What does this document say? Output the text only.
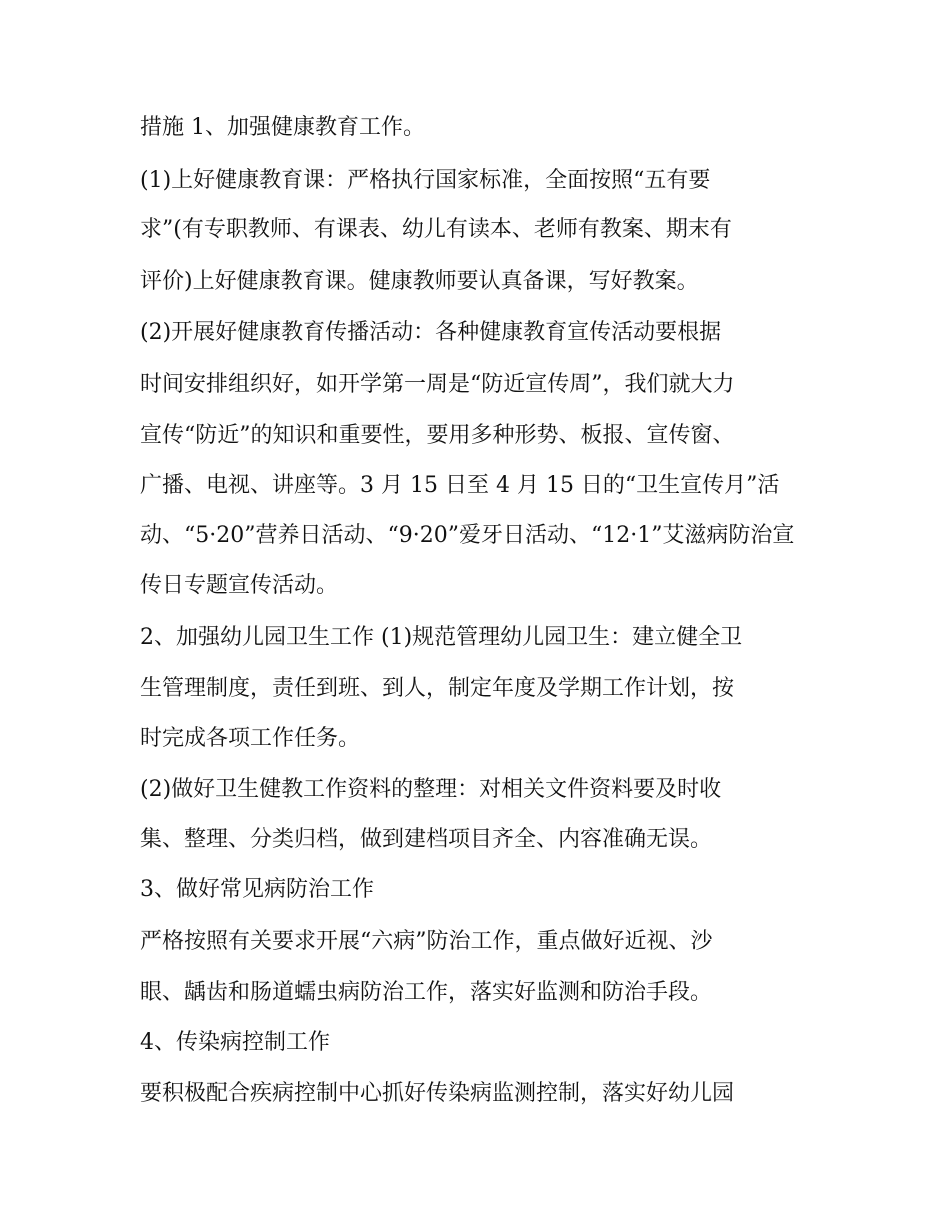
措施 1、加强健康教育工作。
(1)上好健康教育课：严格执行国家标准，全面按照“五有要
求”(有专职教师、有课表、幼儿有读本、老师有教案、期末有
评价)上好健康教育课。健康教师要认真备课，写好教案。
(2)开展好健康教育传播活动：各种健康教育宣传活动要根据
时间安排组织好，如开学第一周是“防近宣传周”，我们就大力
宣传“防近”的知识和重要性，要用多种形势、板报、宣传窗、
广播、电视、讲座等。3 月 15 日至 4 月 15 日的“卫生宣传月”活
动、“5·20”营养日活动、“9·20”爱牙日活动、“12·1”艾滋病防治宣
传日专题宣传活动。
2、加强幼儿园卫生工作 (1)规范管理幼儿园卫生：建立健全卫
生管理制度，责任到班、到人，制定年度及学期工作计划，按
时完成各项工作任务。
(2)做好卫生健教工作资料的整理：对相关文件资料要及时收
集、整理、分类归档，做到建档项目齐全、内容准确无误。
3、做好常见病防治工作
严格按照有关要求开展“六病”防治工作，重点做好近视、沙
眼、龋齿和肠道蠕虫病防治工作，落实好监测和防治手段。
4、传染病控制工作
要积极配合疾病控制中心抓好传染病监测控制，落实好幼儿园
